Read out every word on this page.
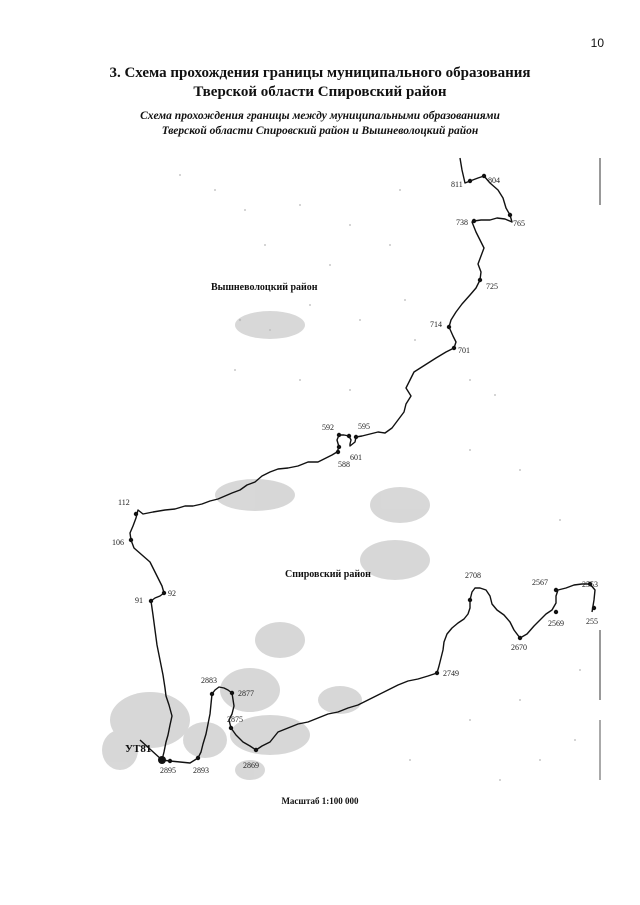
10
3. Схема прохождения границы муниципального образования
Тверской области Спировский район
Схема прохождения границы между муниципальными образованиями
Тверской области Спировский район и Вышневолоцкий район
УТ81
Вышневолоцкий район
Спировский район
811	804
738	765
725
714
701
592	595
601
588
112
106
92
91
2708
2567	2553
255
2569
2670
2749
2883
2877
2875
2869
2895 2893
Масштаб 1:100 000
